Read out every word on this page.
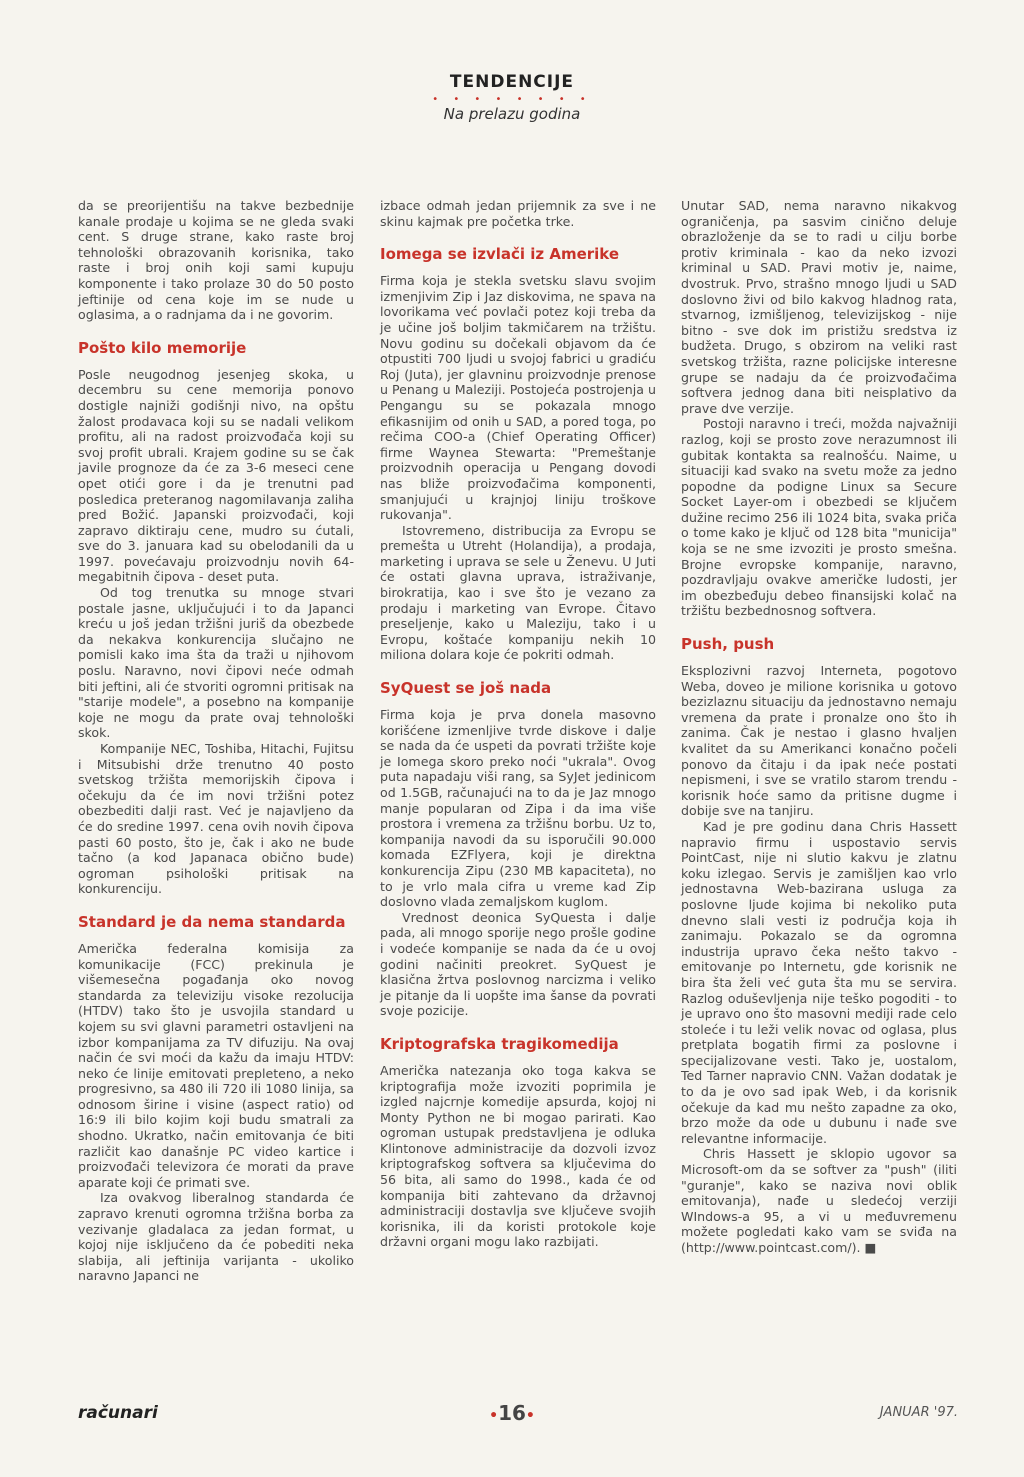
TENDENCIJE
• • • • • • • •
Na prelazu godina

da se preorijentišu na takve bezbednije kanale prodaje u kojima se ne gleda svaki cent. S druge strane, kako raste broj tehnološki obrazovanih korisnika, tako raste i broj onih koji sami kupuju komponente i tako prolaze 30 do 50 posto jeftinije od cena koje im se nude u oglasima, a o radnjama da i ne govorim.

Pošto kilo memorije

Posle neugodnog jesenjeg skoka, u decembru su cene memorija ponovo dostigle najniži godišnji nivo, na opštu žalost prodavaca koji su se nadali velikom profitu, ali na radost proizvođača koji su svoj profit ubrali. Krajem godine su se čak javile prognoze da će za 3-6 meseci cene opet otići gore i da je trenutni pad posledica preteranog nagomilavanja zaliha pred Božić. Japanski proizvođači, koji zapravo diktiraju cene, mudro su ćutali, sve do 3. januara kad su obelodanili da u 1997. povećavaju proizvodnju novih 64-megabitnih čipova - deset puta.

Od tog trenutka su mnoge stvari postale jasne, uključujući i to da Japanci kreću u još jedan tržišni juriš da obezbede da nekakva konkurencija slučajno ne pomisli kako ima šta da traži u njihovom poslu. Naravno, novi čipovi neće odmah biti jeftini, ali će stvoriti ogromni pritisak na "starije modele", a posebno na kompanije koje ne mogu da prate ovaj tehnološki skok.

Kompanije NEC, Toshiba, Hitachi, Fujitsu i Mitsubishi drže trenutno 40 posto svetskog tržišta memorijskih čipova i očekuju da će im novi tržišni potez obezbediti dalji rast. Već je najavljeno da će do sredine 1997. cena ovih novih čipova pasti 60 posto, što je, čak i ako ne bude tačno (a kod Japanaca obično bude) ogroman psihološki pritisak na konkurenciju.

Standard je da nema standarda

Američka federalna komisija za komunikacije (FCC) prekinula je višemesečna pogađanja oko novog standarda za televiziju visoke rezolucija (HTDV) tako što je usvojila standard u kojem su svi glavni parametri ostavljeni na izbor kompanijama za TV difuziju. Na ovaj način će svi moći da kažu da imaju HTDV: neko će linije emitovati prepleteno, a neko progresivno, sa 480 ili 720 ili 1080 linija, sa odnosom širine i visine (aspect ratio) od 16:9 ili bilo kojim koji budu smatrali za shodno. Ukratko, način emitovanja će biti različit kao današnje PC video kartice i proizvođači televizora će morati da prave aparate koji će primati sve.

Iza ovakvog liberalnog standarda će zapravo krenuti ogromna tržišna borba za vezivanje gladalaca za jedan format, u kojoj nije isključeno da će pobediti neka slabija, ali jeftinija varijanta - ukoliko naravno Japanci ne

izbace odmah jedan prijemnik za sve i ne skinu kajmak pre početka trke.

Iomega se izvlači iz Amerike

Firma koja je stekla svetsku slavu svojim izmenjivim Zip i Jaz diskovima, ne spava na lovorikama već povlači potez koji treba da je učine još boljim takmičarem na tržištu. Novu godinu su dočekali objavom da će otpustiti 700 ljudi u svojoj fabrici u gradiću Roj (Juta), jer glavninu proizvodnje prenose u Penang u Maleziji. Postojeća postrojenja u Pengangu su se pokazala mnogo efikasnijim od onih u SAD, a pored toga, po rečima COO-a (Chief Operating Officer) firme Waynea Stewarta: "Premeštanje proizvodnih operacija u Pengang dovodi nas bliže proizvođačima komponenti, smanjujući u krajnjoj liniju troškove rukovanja".

Istovremeno, distribucija za Evropu se premešta u Utreht (Holandija), a prodaja, marketing i uprava se sele u Ženevu. U Juti će ostati glavna uprava, istraživanje, birokratija, kao i sve što je vezano za prodaju i marketing van Evrope. Čitavo preseljenje, kako u Maleziju, tako i u Evropu, koštaće kompaniju nekih 10 miliona dolara koje će pokriti odmah.

SyQuest se još nada

Firma koja je prva donela masovno korišćene izmenljive tvrde diskove i dalje se nada da će uspeti da povrati tržište koje je Iomega skoro preko noći "ukrala". Ovog puta napadaju viši rang, sa SyJet jedinicom od 1.5GB, računajući na to da je Jaz mnogo manje popularan od Zipa i da ima više prostora i vremena za tržišnu borbu. Uz to, kompanija navodi da su isporučili 90.000 komada EZFlyera, koji je direktna konkurencija Zipu (230 MB kapaciteta), no to je vrlo mala cifra u vreme kad Zip doslovno vlada zemaljskom kuglom.

Vrednost deonica SyQuesta i dalje pada, ali mnogo sporije nego prošle godine i vodeće kompanije se nada da će u ovoj godini načiniti preokret. SyQuest je klasična žrtva poslovnog narcizma i veliko je pitanje da li uopšte ima šanse da povrati svoje pozicije.

Kriptografska tragikomedija

Američka natezanja oko toga kakva se kriptografija može izvoziti poprimila je izgled najcrnje komedije apsurda, kojoj ni Monty Python ne bi mogao parirati. Kao ogroman ustupak predstavljena je odluka Klintonove administracije da dozvoli izvoz kriptografskog softvera sa ključevima do 56 bita, ali samo do 1998., kada će od kompanija biti zahtevano da državnoj administraciji dostavlja sve ključeve svojih korisnika, ili da koristi protokole koje državni organi mogu lako razbijati.

Unutar SAD, nema naravno nikakvog ograničenja, pa sasvim cinično deluje obrazloženje da se to radi u cilju borbe protiv kriminala - kao da neko izvozi kriminal u SAD. Pravi motiv je, naime, dvostruk. Prvo, strašno mnogo ljudi u SAD doslovno živi od bilo kakvog hladnog rata, stvarnog, izmišljenog, televizijskog - nije bitno - sve dok im pristižu sredstva iz budžeta. Drugo, s obzirom na veliki rast svetskog tržišta, razne policijske interesne grupe se nadaju da će proizvođačima softvera jednog dana biti neisplativo da prave dve verzije.

Postoji naravno i treći, možda najvažniji razlog, koji se prosto zove nerazumnost ili gubitak kontakta sa realnošću. Naime, u situaciji kad svako na svetu može za jedno popodne da podigne Linux sa Secure Socket Layer-om i obezbedi se ključem dužine recimo 256 ili 1024 bita, svaka priča o tome kako je ključ od 128 bita "municija" koja se ne sme izvoziti je prosto smešna. Brojne evropske kompanije, naravno, pozdravljaju ovakve američke ludosti, jer im obezbeđuju debeo finansijski kolač na tržištu bezbednosnog softvera.

Push, push

Eksplozivni razvoj Interneta, pogotovo Weba, doveo je milione korisnika u gotovo bezizlaznu situaciju da jednostavno nemaju vremena da prate i pronalze ono što ih zanima. Čak je nestao i glasno hvaljen kvalitet da su Amerikanci konačno počeli ponovo da čitaju i da ipak neće postati nepismeni, i sve se vratilo starom trendu - korisnik hoće samo da pritisne dugme i dobije sve na tanjiru.

Kad je pre godinu dana Chris Hassett napravio firmu i uspostavio servis PointCast, nije ni slutio kakvu je zlatnu koku izlegao. Servis je zamišljen kao vrlo jednostavna Web-bazirana usluga za poslovne ljude kojima bi nekoliko puta dnevno slali vesti iz područja koja ih zanimaju. Pokazalo se da ogromna industrija upravo čeka nešto takvo - emitovanje po Internetu, gde korisnik ne bira šta želi već guta šta mu se servira. Razlog oduševljenja nije teško pogoditi - to je upravo ono što masovni mediji rade celo stoleće i tu leži velik novac od oglasa, plus pretplata bogatih firmi za poslovne i specijalizovane vesti. Tako je, uostalom, Ted Tarner napravio CNN. Važan dodatak je to da je ovo sad ipak Web, i da korisnik očekuje da kad mu nešto zapadne za oko, brzo može da ode u dubunu i nađe sve relevantne informacije.

Chris Hassett je sklopio ugovor sa Microsoft-om da se softver za "push" (iliti "guranje", kako se naziva novi oblik emitovanja), nađe u sledećoj verziji WIndows-a 95, a vi u međuvremenu možete pogledati kako vam se sviđa na (http://www.pointcast.com/). ■

računari	•16•	JANUAR '97.
